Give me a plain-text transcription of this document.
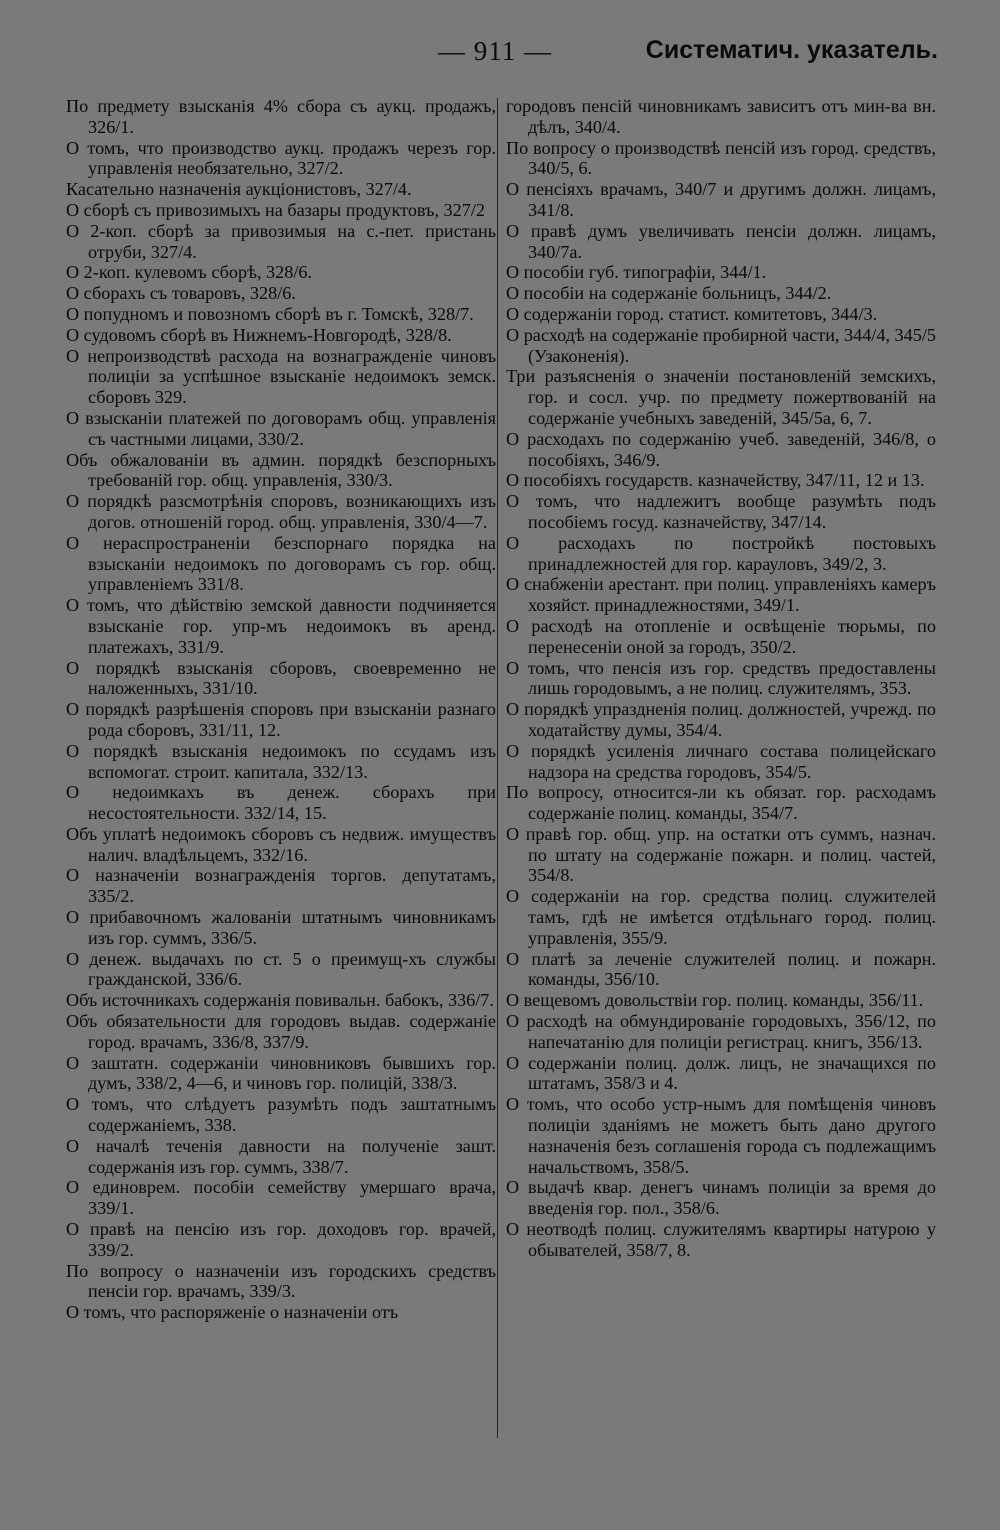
— 911 —	Систематич. указатель.

По предмету взысканія 4% сбора съ аукц. продажъ, 326/1.

О томъ, что производство аукц. продажъ черезъ гор. управленія необязательно, 327/2.

Касательно назначенія аукціонистовъ, 327/4.

О сборѣ съ привозимыхъ на базары продуктовъ, 327/2

О 2-коп. сборѣ за привозимыя на с.-пет. пристань отруби, 327/4.

О 2-коп. кулевомъ сборѣ, 328/6.

О сборахъ съ товаровъ, 328/6.

О попудномъ и повозномъ сборѣ въ г. Томскѣ, 328/7.

О судовомъ сборѣ въ Нижнемъ-Новгородѣ, 328/8.

О непроизводствѣ расхода на вознагражденіе чиновъ полиціи за успѣшное взысканіе недоимокъ земск. сборовъ 329.

О взысканіи платежей по договорамъ общ. управленія съ частными лицами, 330/2.

Объ обжалованіи въ админ. порядкѣ безспорныхъ требованій гор. общ. управленія, 330/3.

О порядкѣ разсмотрѣнія споровъ, возникающихъ изъ догов. отношеній город. общ. управленія, 330/4—7.

О нераспространеніи безспорнаго порядка на взысканіи недоимокъ по договорамъ съ гор. общ. управленіемъ 331/8.

О томъ, что дѣйствію земской давности подчиняется взысканіе гор. упр-мъ недоимокъ въ аренд. платежахъ, 331/9.

О порядкѣ взысканія сборовъ, своевременно не наложенныхъ, 331/10.

О порядкѣ разрѣшенія споровъ при взысканіи разнаго рода сборовъ, 331/11, 12.

О порядкѣ взысканія недоимокъ по ссудамъ изъ вспомогат. строит. капитала, 332/13.

О недоимкахъ въ денеж. сборахъ при несостоятельности. 332/14, 15.

Объ уплатѣ недоимокъ сборовъ съ недвиж. имуществъ налич. владѣльцемъ, 332/16.

О назначеніи вознагражденія торгов. депутатамъ, 335/2.

О прибавочномъ жалованіи штатнымъ чиновникамъ изъ гор. суммъ, 336/5.

О денеж. выдачахъ по ст. 5 о преимущ-хъ службы гражданской, 336/6.

Объ источникахъ содержанія повивальн. бабокъ, 336/7.

Объ обязательности для городовъ выдав. содержаніе город. врачамъ, 336/8, 337/9.

О заштатн. содержаніи чиновниковъ бывшихъ гор. думъ, 338/2, 4—6, и чиновъ гор. полицій, 338/3.

О томъ, что слѣдуетъ разумѣть подъ заштатнымъ содержаніемъ, 338.

О началѣ теченія давности на полученіе зашт. содержанія изъ гор. суммъ, 338/7.

О единоврем. пособіи семейству умершаго врача, 339/1.

О правѣ на пенсію изъ гор. доходовъ гор. врачей, 339/2.

По вопросу о назначеніи изъ городскихъ средствъ пенсіи гор. врачамъ, 339/3.

О томъ, что распоряженіе о назначеніи отъ

городовъ пенсій чиновникамъ зависитъ отъ мин-ва вн. дѣлъ, 340/4.

По вопросу о производствѣ пенсій изъ город. средствъ, 340/5, 6.

О пенсіяхъ врачамъ, 340/7 и другимъ должн. лицамъ, 341/8.

О правѣ думъ увеличивать пенсіи должн. лицамъ, 340/7а.

О пособіи губ. типографіи, 344/1.

О пособіи на содержаніе больницъ, 344/2.

О содержаніи город. статист. комитетовъ, 344/3.

О расходѣ на содержаніе пробирной части, 344/4, 345/5 (Узаконенія).

Три разъясненія о значеніи постановленій земскихъ, гор. и сосл. учр. по предмету пожертвованій на содержаніе учебныхъ заведеній, 345/5а, 6, 7.

О расходахъ по содержанію учеб. заведеній, 346/8, о пособіяхъ, 346/9.

О пособіяхъ государств. казначейству, 347/11, 12 и 13.

О томъ, что надлежитъ вообще разумѣть подъ пособіемъ госуд. казначейству, 347/14.

О расходахъ по постройкѣ постовыхъ принадлежностей для гор. карауловъ, 349/2, 3.

О снабженіи арестант. при полиц. управленіяхъ камеръ хозяйст. принадлежностями, 349/1.

О расходѣ на отопленіе и освѣщеніе тюрьмы, по перенесеніи оной за городъ, 350/2.

О томъ, что пенсія изъ гор. средствъ предоставлены лишь городовымъ, а не полиц. служителямъ, 353.

О порядкѣ упраздненія полиц. должностей, учрежд. по ходатайству думы, 354/4.

О порядкѣ усиленія личнаго состава полицейскаго надзора на средства городовъ, 354/5.

По вопросу, относится-ли къ обязат. гор. расходамъ содержаніе полиц. команды, 354/7.

О правѣ гор. общ. упр. на остатки отъ суммъ, назнач. по штату на содержаніе пожарн. и полиц. частей, 354/8.

О содержаніи на гор. средства полиц. служителей тамъ, гдѣ не имѣется отдѣльнаго город. полиц. управленія, 355/9.

О платѣ за леченіе служителей полиц. и пожарн. команды, 356/10.

О вещевомъ довольствіи гор. полиц. команды, 356/11.

О расходѣ на обмундированіе городовыхъ, 356/12, по напечатанію для полиціи регистрац. книгъ, 356/13.

О содержаніи полиц. долж. лицъ, не значащихся по штатамъ, 358/3 и 4.

О томъ, что особо устр-нымъ для помѣщенія чиновъ полиціи зданіямъ не можетъ быть дано другого назначенія безъ соглашенія города съ подлежащимъ начальствомъ, 358/5.

О выдачѣ квар. денегъ чинамъ полиціи за время до введенія гор. пол., 358/6.

О неотводѣ полиц. служителямъ квартиры натурою у обывателей, 358/7, 8.
